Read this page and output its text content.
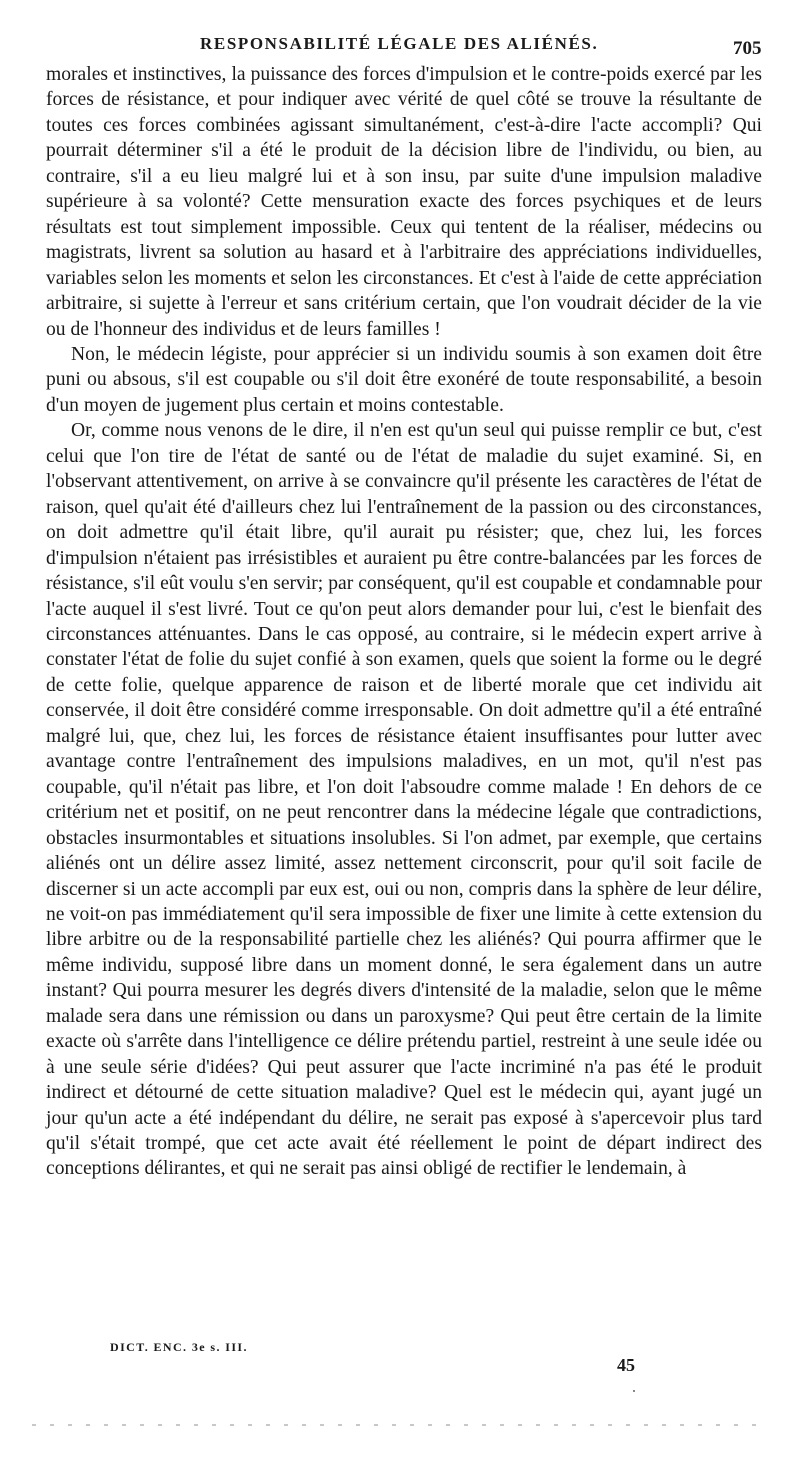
RESPONSABILITÉ LÉGALE DES ALIÉNÉS.	705

morales et instinctives, la puissance des forces d'impulsion et le contre-poids exercé par les forces de résistance, et pour indiquer avec vérité de quel côté se trouve la résultante de toutes ces forces combinées agissant simultanément, c'est-à-dire l'acte accompli? Qui pourrait déterminer s'il a été le produit de la décision libre de l'individu, ou bien, au contraire, s'il a eu lieu malgré lui et à son insu, par suite d'une impulsion maladive supérieure à sa volonté? Cette mensuration exacte des forces psychiques et de leurs résultats est tout simplement impossible. Ceux qui tentent de la réaliser, médecins ou magistrats, livrent sa solution au hasard et à l'arbitraire des appréciations individuelles, variables selon les moments et selon les circonstances. Et c'est à l'aide de cette appréciation arbitraire, si sujette à l'erreur et sans critérium certain, que l'on voudrait décider de la vie ou de l'honneur des individus et de leurs familles !

Non, le médecin légiste, pour apprécier si un individu soumis à son examen doit être puni ou absous, s'il est coupable ou s'il doit être exonéré de toute responsabilité, a besoin d'un moyen de jugement plus certain et moins contestable.

Or, comme nous venons de le dire, il n'en est qu'un seul qui puisse remplir ce but, c'est celui que l'on tire de l'état de santé ou de l'état de maladie du sujet examiné. Si, en l'observant attentivement, on arrive à se convaincre qu'il présente les caractères de l'état de raison, quel qu'ait été d'ailleurs chez lui l'entraînement de la passion ou des circonstances, on doit admettre qu'il était libre, qu'il aurait pu résister; que, chez lui, les forces d'impulsion n'étaient pas irrésistibles et auraient pu être contre-balancées par les forces de résistance, s'il eût voulu s'en servir; par conséquent, qu'il est coupable et condamnable pour l'acte auquel il s'est livré. Tout ce qu'on peut alors demander pour lui, c'est le bienfait des circonstances atténuantes. Dans le cas opposé, au contraire, si le médecin expert arrive à constater l'état de folie du sujet confié à son examen, quels que soient la forme ou le degré de cette folie, quelque apparence de raison et de liberté morale que cet individu ait conservée, il doit être considéré comme irresponsable. On doit admettre qu'il a été entraîné malgré lui, que, chez lui, les forces de résistance étaient insuffisantes pour lutter avec avantage contre l'entraînement des impulsions maladives, en un mot, qu'il n'est pas coupable, qu'il n'était pas libre, et l'on doit l'absoudre comme malade ! En dehors de ce critérium net et positif, on ne peut rencontrer dans la médecine légale que contradictions, obstacles insurmontables et situations insolubles. Si l'on admet, par exemple, que certains aliénés ont un délire assez limité, assez nettement circonscrit, pour qu'il soit facile de discerner si un acte accompli par eux est, oui ou non, compris dans la sphère de leur délire, ne voit-on pas immédiatement qu'il sera impossible de fixer une limite à cette extension du libre arbitre ou de la responsabilité partielle chez les aliénés? Qui pourra affirmer que le même individu, supposé libre dans un moment donné, le sera également dans un autre instant? Qui pourra mesurer les degrés divers d'intensité de la maladie, selon que le même malade sera dans une rémission ou dans un paroxysme? Qui peut être certain de la limite exacte où s'arrête dans l'intelligence ce délire prétendu partiel, restreint à une seule idée ou à une seule série d'idées? Qui peut assurer que l'acte incriminé n'a pas été le produit indirect et détourné de cette situation maladive? Quel est le médecin qui, ayant jugé un jour qu'un acte a été indépendant du délire, ne serait pas exposé à s'apercevoir plus tard qu'il s'était trompé, que cet acte avait été réellement le point de départ indirect des conceptions délirantes, et qui ne serait pas ainsi obligé de rectifier le lendemain, à

DICT. ENC. 3e s. III.
45
